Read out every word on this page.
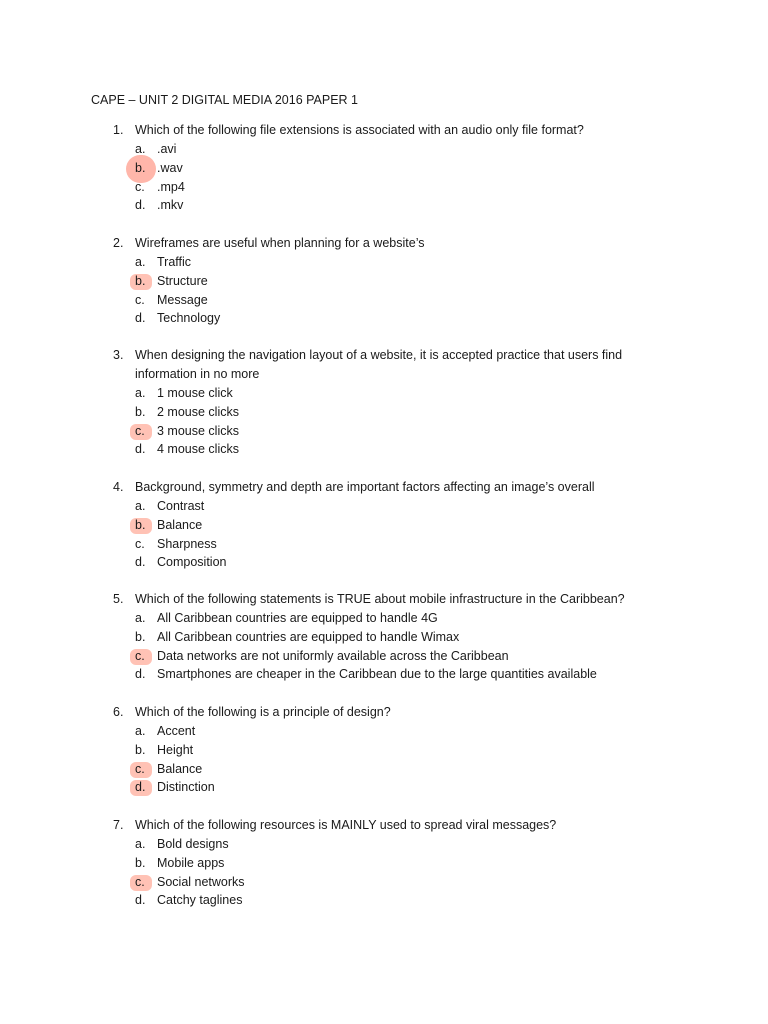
CAPE – UNIT 2 DIGITAL MEDIA 2016 PAPER 1
1. Which of the following file extensions is associated with an audio only file format?
a. .avi
b. .wav
c. .mp4
d. .mkv
2. Wireframes are useful when planning for a website’s
a. Traffic
b. Structure
c. Message
d. Technology
3. When designing the navigation layout of a website, it is accepted practice that users find information in no more
a. 1 mouse click
b. 2 mouse clicks
c. 3 mouse clicks
d. 4 mouse clicks
4. Background, symmetry and depth are important factors affecting an image’s overall
a. Contrast
b. Balance
c. Sharpness
d. Composition
5. Which of the following statements is TRUE about mobile infrastructure in the Caribbean?
a. All Caribbean countries are equipped to handle 4G
b. All Caribbean countries are equipped to handle Wimax
c. Data networks are not uniformly available across the Caribbean
d. Smartphones are cheaper in the Caribbean due to the large quantities available
6. Which of the following is a principle of design?
a. Accent
b. Height
c. Balance
d. Distinction
7. Which of the following resources is MAINLY used to spread viral messages?
a. Bold designs
b. Mobile apps
c. Social networks
d. Catchy taglines
